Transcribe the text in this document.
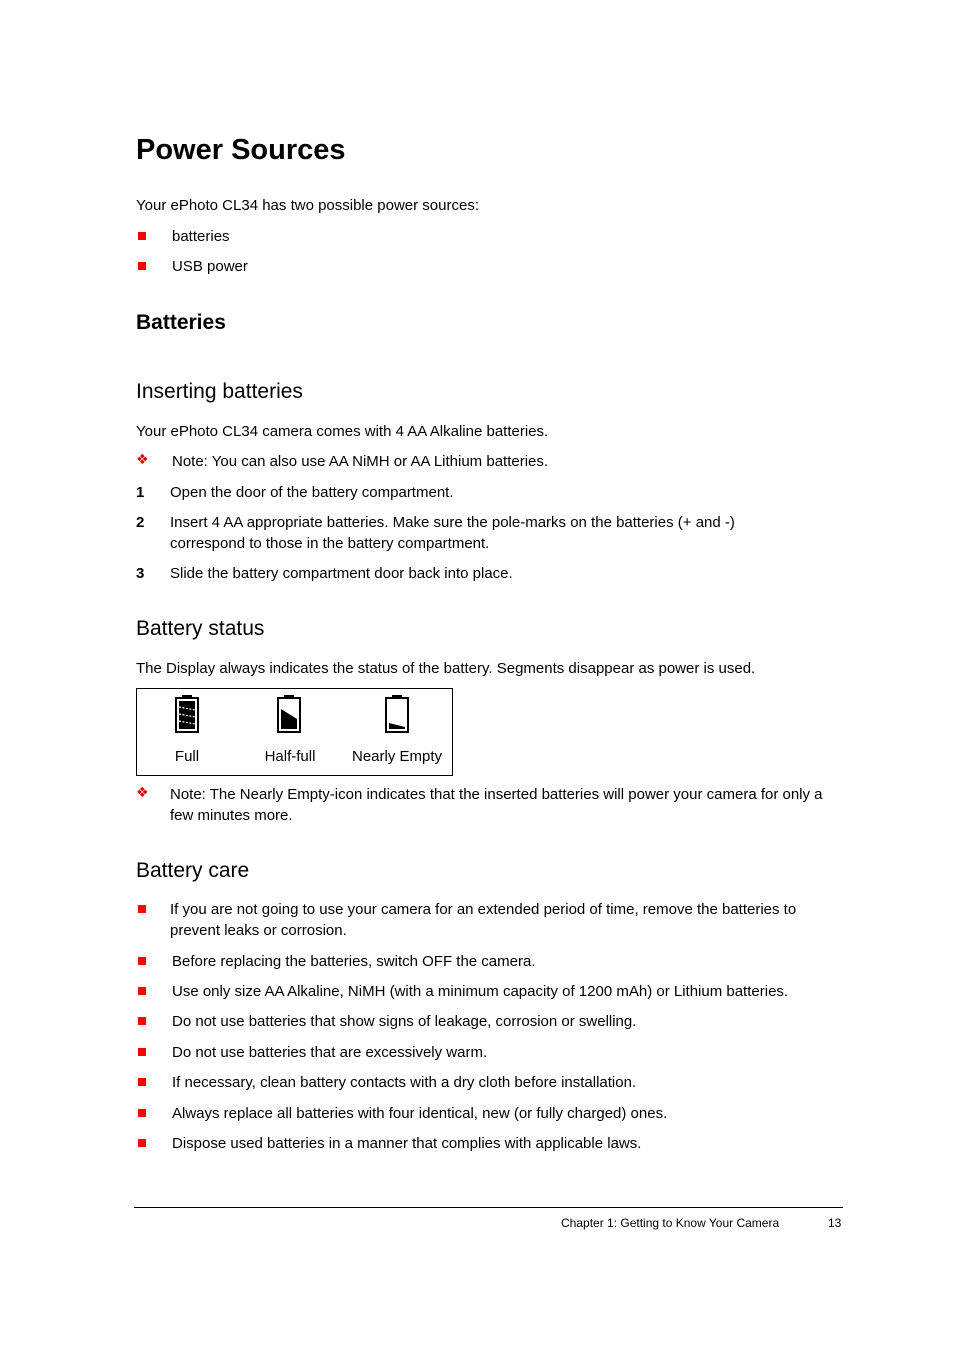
Power Sources
Your ePhoto CL34 has two possible power sources:
batteries
USB power
Batteries
Inserting batteries
Your ePhoto CL34 camera comes with 4 AA Alkaline batteries.
❖ Note: You can also use AA NiMH or AA Lithium batteries.
1 Open the door of the battery compartment.
2 Insert 4 AA appropriate batteries. Make sure the pole-marks on the batteries (+ and -) correspond to those in the battery compartment.
3 Slide the battery compartment door back into place.
Battery status
The Display always indicates the status of the battery. Segments disappear as power is used.
Full	Half-full	Nearly Empty
❖ Note: The Nearly Empty-icon indicates that the inserted batteries will power your camera for only a few minutes more.
Battery care
If you are not going to use your camera for an extended period of time, remove the batteries to prevent leaks or corrosion.
Before replacing the batteries, switch OFF the camera.
Use only size AA Alkaline, NiMH (with a minimum capacity of 1200 mAh) or Lithium batteries.
Do not use batteries that show signs of leakage, corrosion or swelling.
Do not use batteries that are excessively warm.
If necessary, clean battery contacts with a dry cloth before installation.
Always replace all batteries with four identical, new (or fully charged) ones.
Dispose used batteries in a manner that complies with applicable laws.
Chapter 1: Getting to Know Your Camera	13
